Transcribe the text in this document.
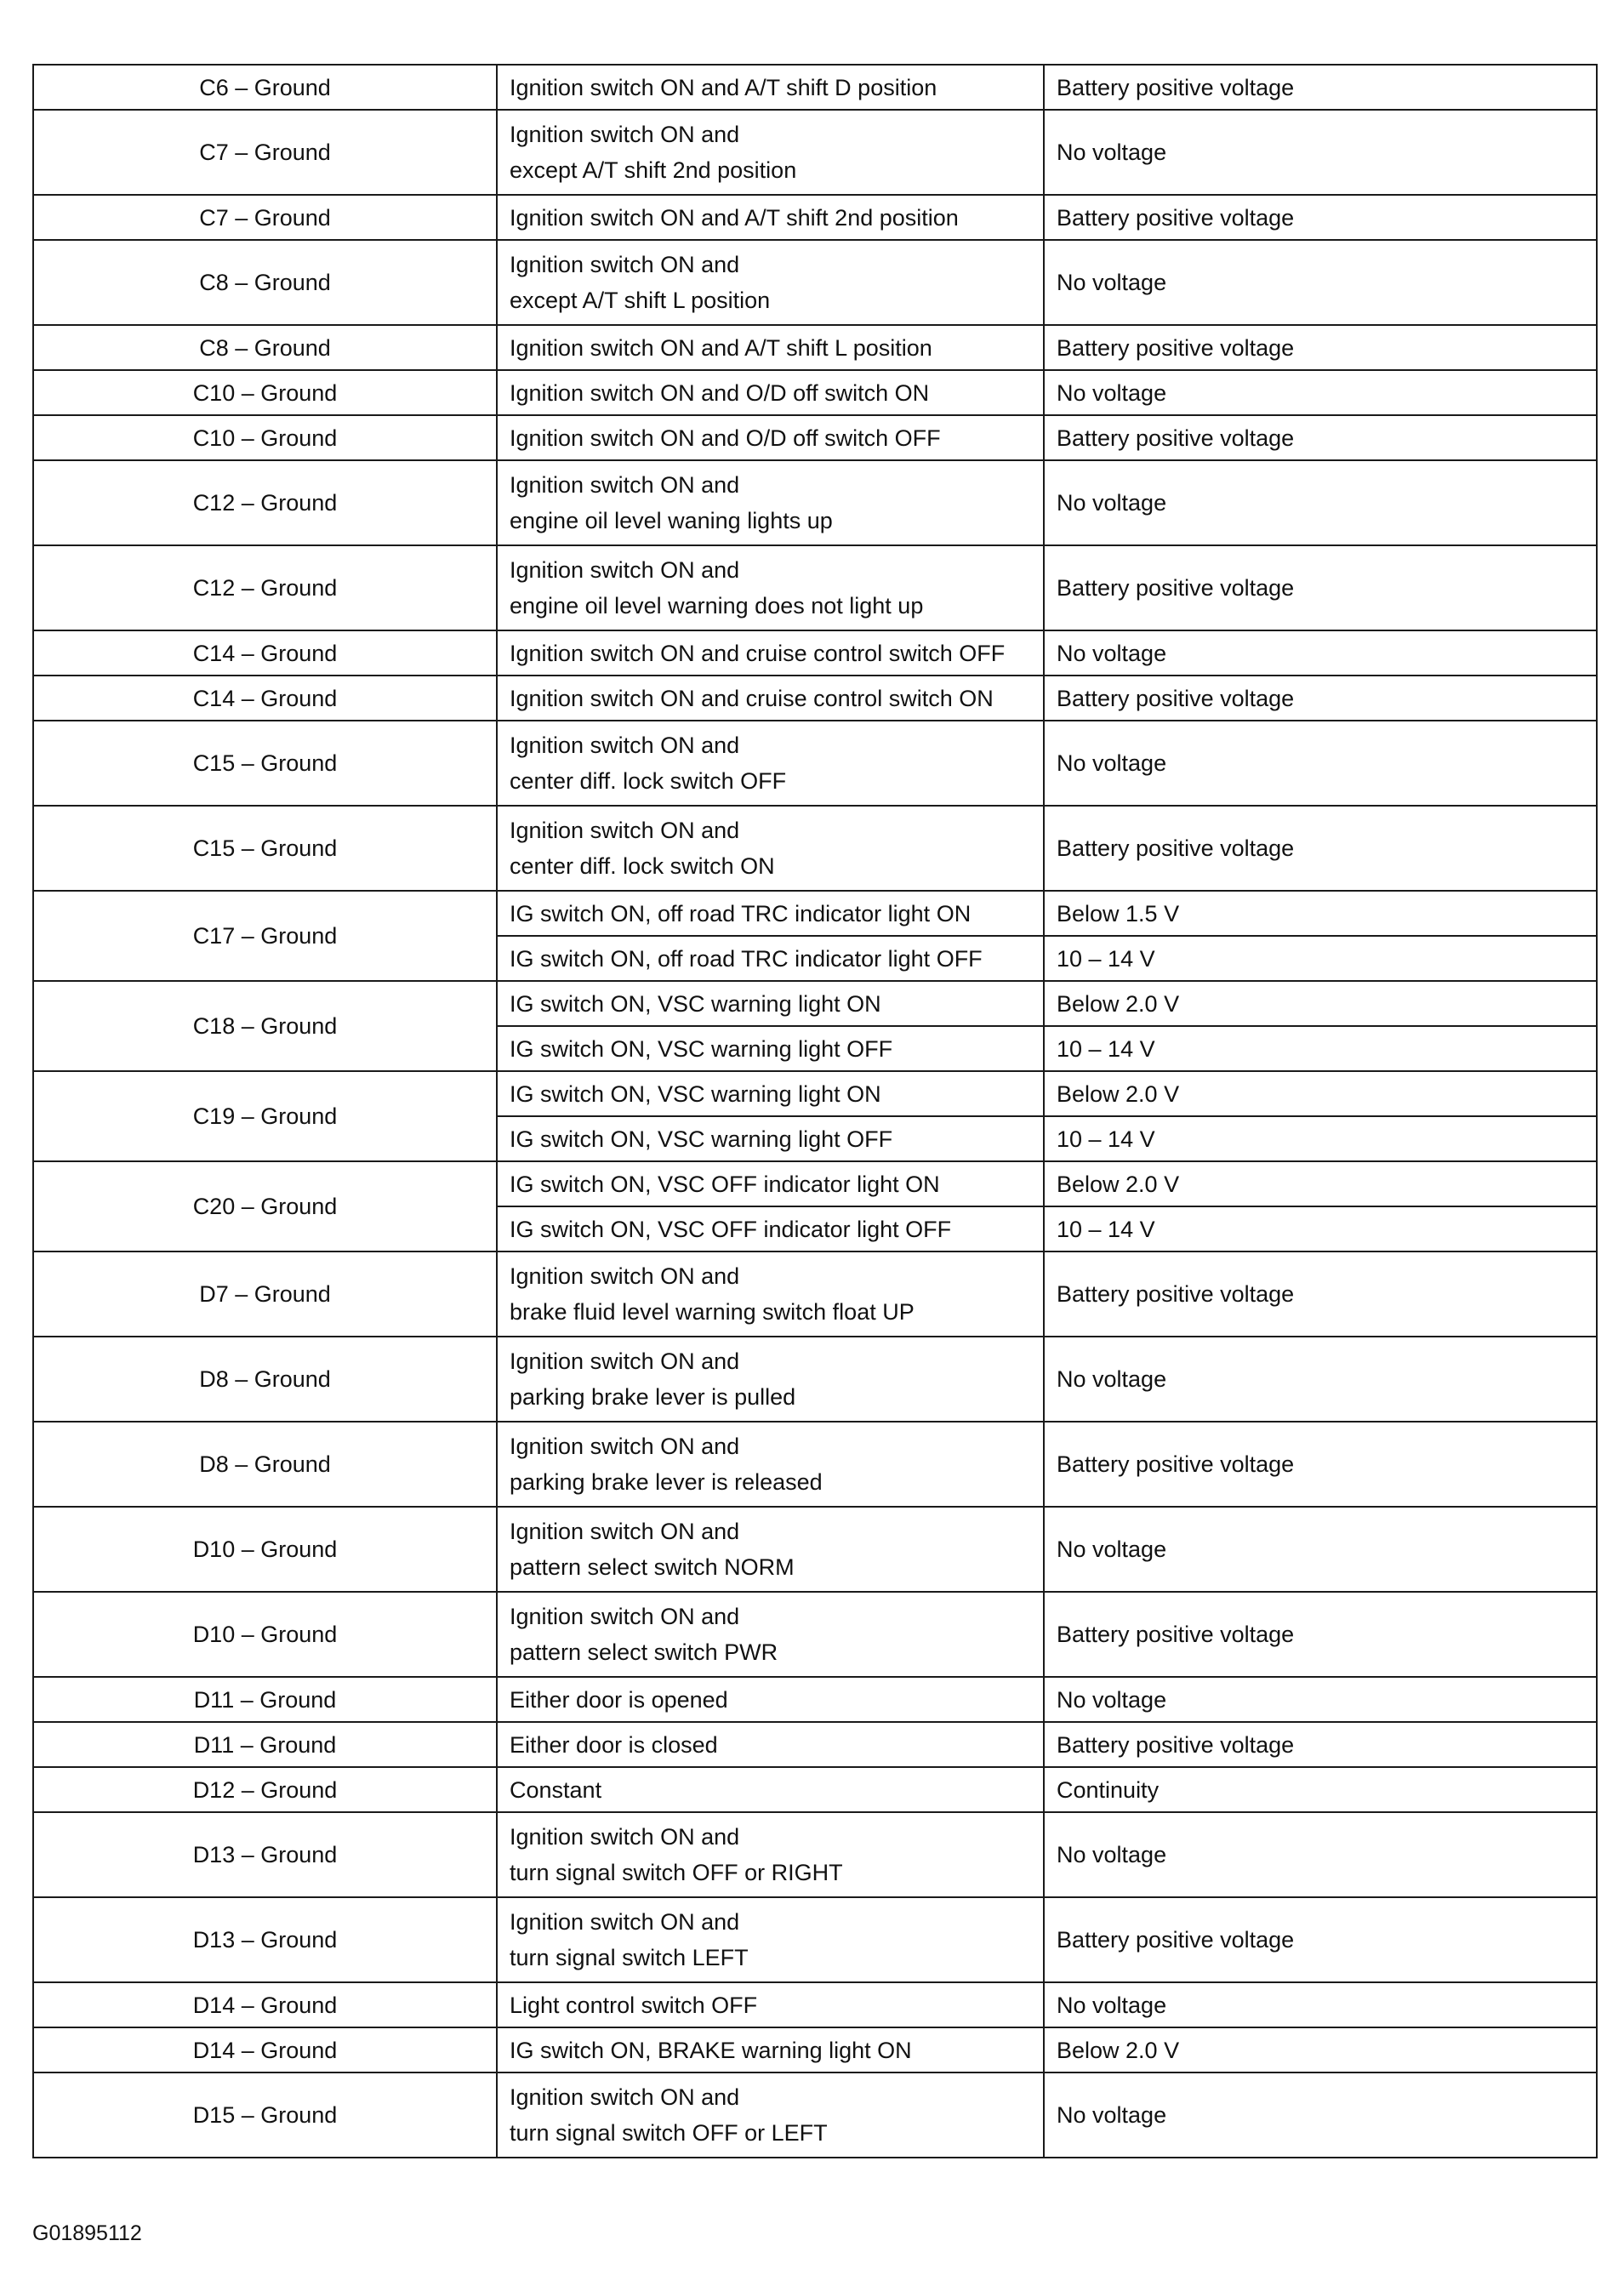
C6 – Ground	Ignition switch ON and A/T shift D position	Battery positive voltage
C7 – Ground	Ignition switch ON and
except A/T shift 2nd position	No voltage
C7 – Ground	Ignition switch ON and A/T shift 2nd position	Battery positive voltage
C8 – Ground	Ignition switch ON and
except A/T shift L position	No voltage
C8 – Ground	Ignition switch ON and A/T shift L position	Battery positive voltage
C10 – Ground	Ignition switch ON and O/D off switch ON	No voltage
C10 – Ground	Ignition switch ON and O/D off switch OFF	Battery positive voltage
C12 – Ground	Ignition switch ON and
engine oil level waning lights up	No voltage
C12 – Ground	Ignition switch ON and
engine oil level warning does not light up	Battery positive voltage
C14 – Ground	Ignition switch ON and cruise control switch OFF	No voltage
C14 – Ground	Ignition switch ON and cruise control switch ON	Battery positive voltage
C15 – Ground	Ignition switch ON and
center diff. lock switch OFF	No voltage
C15 – Ground	Ignition switch ON and
center diff. lock switch ON	Battery positive voltage
C17 – Ground	IG switch ON, off road TRC indicator light ON	Below 1.5 V

	IG switch ON, off road TRC indicator light OFF	10 – 14 V
C18 – Ground	IG switch ON, VSC warning light ON	Below 2.0 V

	IG switch ON, VSC warning light OFF	10 – 14 V
C19 – Ground	IG switch ON, VSC warning light ON	Below 2.0 V

	IG switch ON, VSC warning light OFF	10 – 14 V
C20 – Ground	IG switch ON, VSC OFF indicator light ON	Below 2.0 V

	IG switch ON, VSC OFF indicator light OFF	10 – 14 V
D7 – Ground	Ignition switch ON and
brake fluid level warning switch float UP	Battery positive voltage
D8 – Ground	Ignition switch ON and
parking brake lever is pulled	No voltage
D8 – Ground	Ignition switch ON and
parking brake lever is released	Battery positive voltage
D10 – Ground	Ignition switch ON and
pattern select switch NORM	No voltage
D10 – Ground	Ignition switch ON and
pattern select switch PWR	Battery positive voltage
D11 – Ground	Either door is opened	No voltage
D11 – Ground	Either door is closed	Battery positive voltage
D12 – Ground	Constant	Continuity
D13 – Ground	Ignition switch ON and
turn signal switch OFF or RIGHT	No voltage
D13 – Ground	Ignition switch ON and
turn signal switch LEFT	Battery positive voltage
D14 – Ground	Light control switch OFF	No voltage
D14 – Ground	IG switch ON, BRAKE warning light ON	Below 2.0 V
D15 – Ground	Ignition switch ON and
turn signal switch OFF or LEFT	No voltage
G01895112
